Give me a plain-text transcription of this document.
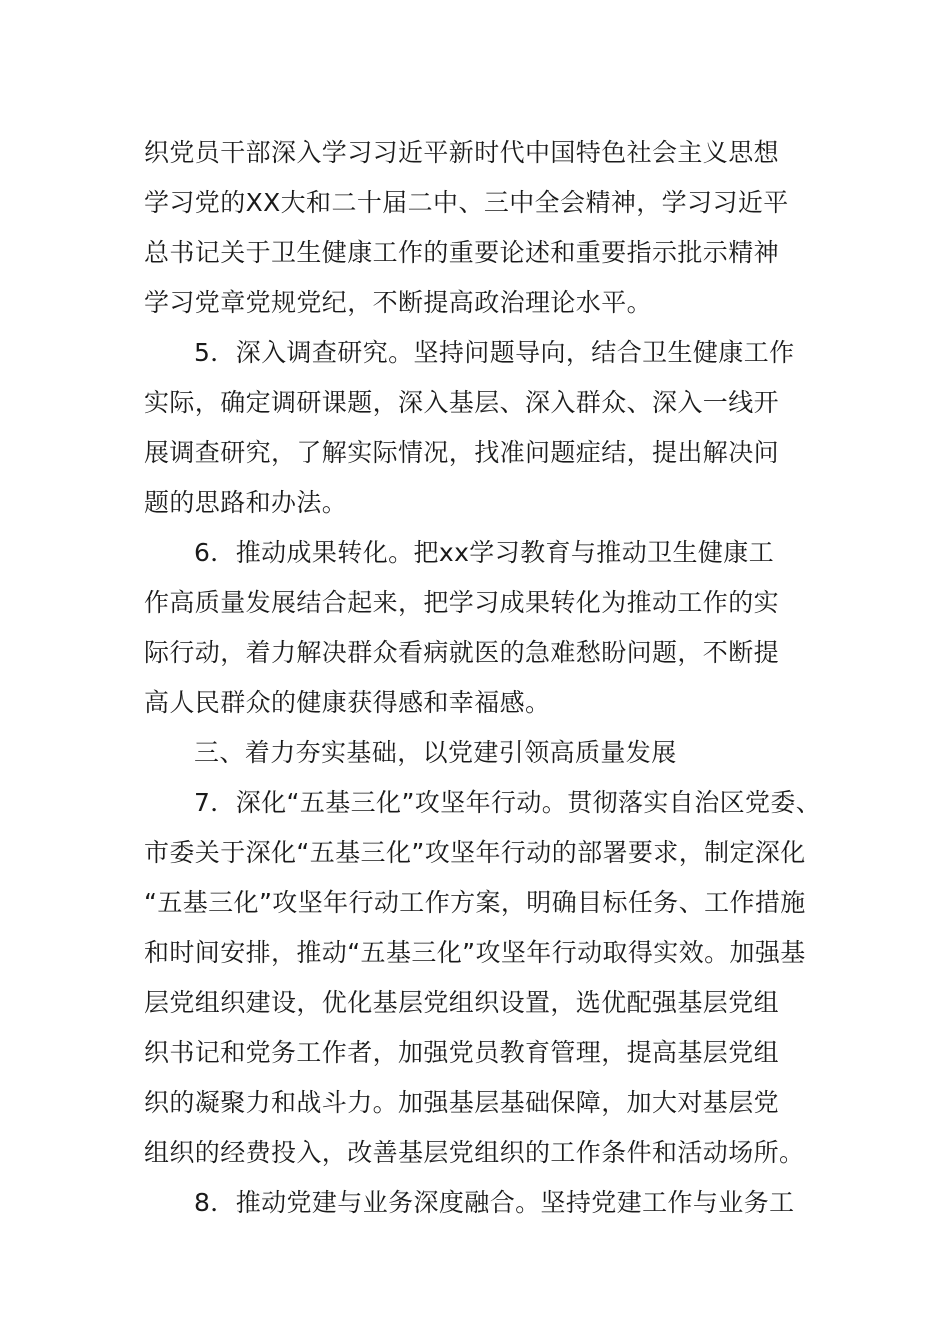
织党员干部深入学习习近平新时代中国特色社会主义思想
学习党的XX大和二十届二中、三中全会精神，学习习近平
总书记关于卫生健康工作的重要论述和重要指示批示精神
学习党章党规党纪，不断提高政治理论水平。
5．深入调查研究。坚持问题导向，结合卫生健康工作
实际，确定调研课题，深入基层、深入群众、深入一线开
展调查研究，了解实际情况，找准问题症结，提出解决问
题的思路和办法。
6．推动成果转化。把xx学习教育与推动卫生健康工
作高质量发展结合起来，把学习成果转化为推动工作的实
际行动，着力解决群众看病就医的急难愁盼问题，不断提
高人民群众的健康获得感和幸福感。
三、着力夯实基础，以党建引领高质量发展
7．深化“五基三化”攻坚年行动。贯彻落实自治区党委、
市委关于深化“五基三化”攻坚年行动的部署要求，制定深化
“五基三化”攻坚年行动工作方案，明确目标任务、工作措施
和时间安排，推动“五基三化”攻坚年行动取得实效。加强基
层党组织建设，优化基层党组织设置，选优配强基层党组
织书记和党务工作者，加强党员教育管理，提高基层党组
织的凝聚力和战斗力。加强基层基础保障，加大对基层党
组织的经费投入，改善基层党组织的工作条件和活动场所。
8．推动党建与业务深度融合。坚持党建工作与业务工
